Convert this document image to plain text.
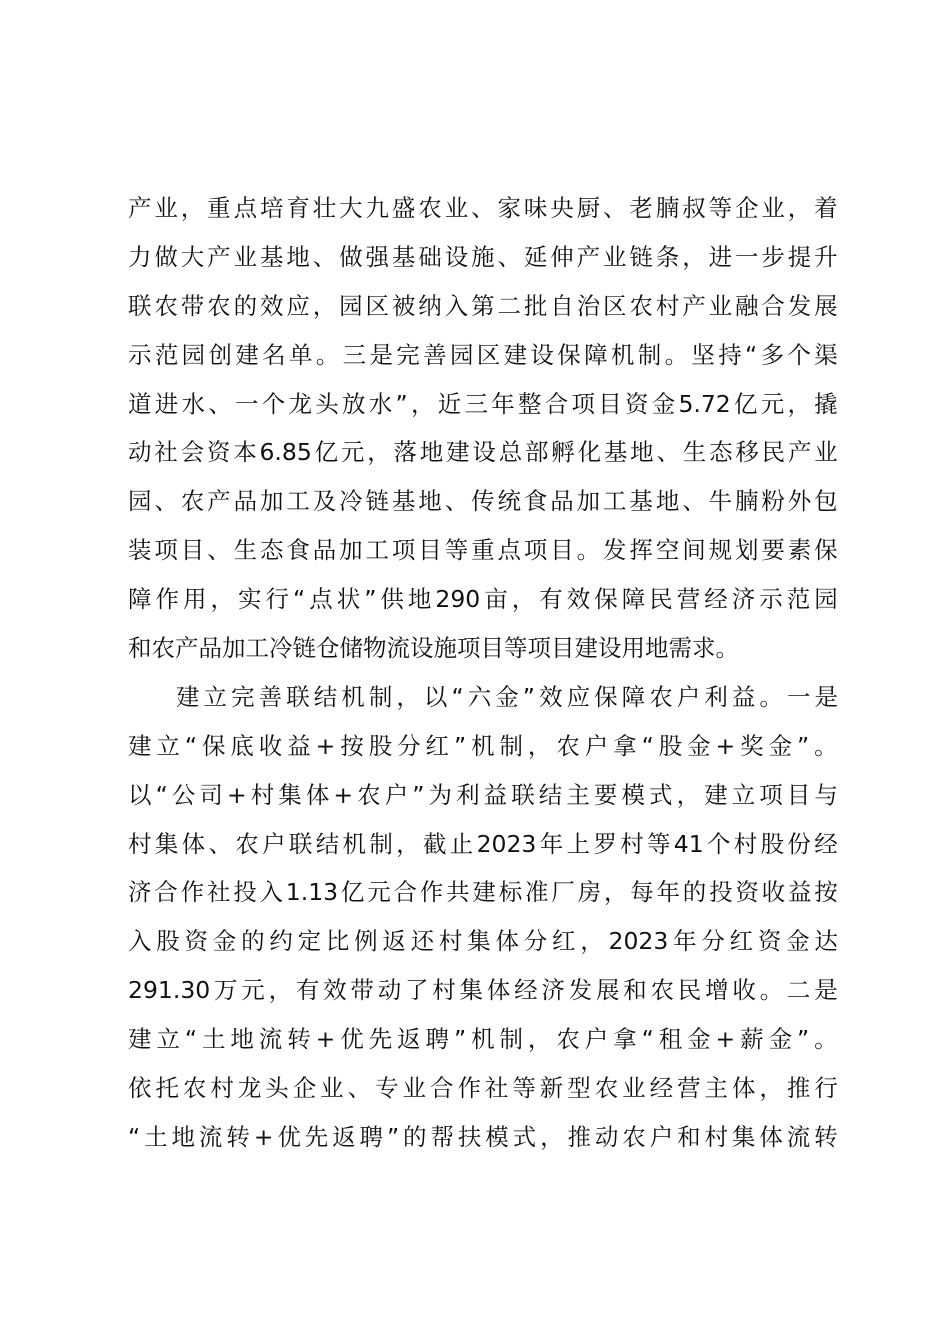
产 业 ， 重 点 培 育 壮 大 九 盛 农 业 、 家 味 央 厨 、 老 腩 叔 等 企 业 ， 着
力 做 大 产 业 基 地 、 做 强 基 础 设 施 、 延 伸 产 业 链 条 ， 进 一 步 提 升
联 农 带 农 的 效 应 ， 园 区 被 纳 入 第 二 批 自 治 区 农 村 产 业 融 合 发 展
示 范 园 创 建 名 单 。 三 是 完 善 园 区 建 设 保 障 机 制 。 坚 持 “ 多 个 渠
道 进 水 、 一 个 龙 头 放 水 ” ， 近 三 年 整 合 项 目 资 金 5.72 亿 元 ， 撬
动 社 会 资 本 6.85 亿 元 ， 落 地 建 设 总 部 孵 化 基 地 、 生 态 移 民 产 业
园 、 农 产 品 加 工 及 冷 链 基 地 、 传 统 食 品 加 工 基 地 、 牛 腩 粉 外 包
装 项 目 、 生 态 食 品 加 工 项 目 等 重 点 项 目 。 发 挥 空 间 规 划 要 素 保
障 作 用 ， 实 行 “ 点 状 ” 供 地 290 亩 ， 有 效 保 障 民 营 经 济 示 范 园
和农产品加工冷链仓储物流设施项目等项目建设用地需求。
建 立 完 善 联 结 机 制 ， 以 “ 六 金 ” 效 应 保 障 农 户 利 益 。 一 是
建 立 “ 保 底 收 益 + 按 股 分 红 ” 机 制 ， 农 户 拿 “ 股 金 + 奖 金 ” 。
以 “ 公 司 + 村 集 体 + 农 户 ” 为 利 益 联 结 主 要 模 式 ， 建 立 项 目 与
村 集 体 、 农 户 联 结 机 制 ， 截 止 2023 年 上 罗 村 等 41 个 村 股 份 经
济 合 作 社 投 入 1.13 亿 元 合 作 共 建 标 准 厂 房 ， 每 年 的 投 资 收 益 按
入 股 资 金 的 约 定 比 例 返 还 村 集 体 分 红 ， 2023 年 分 红 资 金 达
291.30 万 元 ， 有 效 带 动 了 村 集 体 经 济 发 展 和 农 民 增 收 。 二 是
建 立 “ 土 地 流 转 + 优 先 返 聘 ” 机 制 ， 农 户 拿 “ 租 金 + 薪 金 ” 。
依 托 农 村 龙 头 企 业 、 专 业 合 作 社 等 新 型 农 业 经 营 主 体 ， 推 行
“ 土 地 流 转 + 优 先 返 聘 ” 的 帮 扶 模 式 ， 推 动 农 户 和 村 集 体 流 转
